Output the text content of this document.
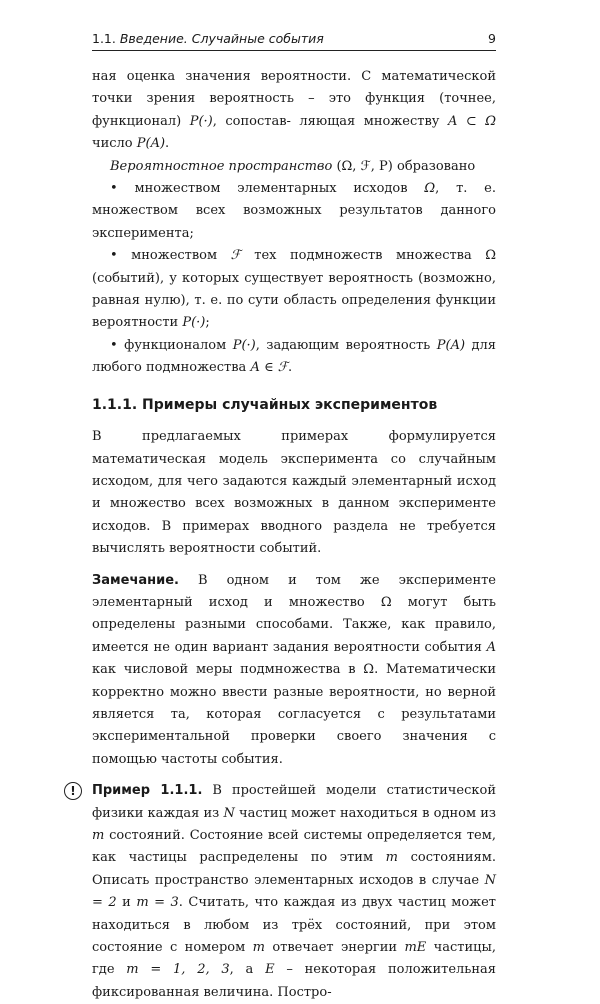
1.1. Введение. Случайные события	9

ная оценка значения вероятности. С математической точки зрения вероятность – это функция (точнее, функционал) P(·), сопостав- ляющая множеству A ⊂ Ω число P(A).

Вероятностное пространство (Ω, ℱ, P) образовано

• множеством элементарных исходов Ω, т. е. множеством всех возможных результатов данного эксперимента;

• множеством ℱ тех подмножеств множества Ω (событий), у которых существует вероятность (возможно, равная нулю), т. е. по сути область определения функции вероятности P(·);

• функционалом P(·), задающим вероятность P(A) для любого подмножества A ∈ ℱ.

1.1.1. Примеры случайных экспериментов

В предлагаемых примерах формулируется математическая модель эксперимента со случайным исходом, для чего задаются каждый элементарный исход и множество всех возможных в данном эксперименте исходов. В примерах вводного раздела не требуется вычислять вероятности событий.

Замечание. В одном и том же эксперименте элементарный исход и множество Ω могут быть определены разными способами. Также, как правило, имеется не один вариант задания вероятности события A как числовой меры подмножества в Ω. Математически корректно можно ввести разные вероятности, но верной является та, которая согласуется с результатами экспериментальной проверки своего значения с помощью частоты события.

!	Пример 1.1.1. В простейшей модели статистической физики каждая из N частиц может находиться в одном из m состояний. Состояние всей системы определяется тем, как частицы распределены по этим m состояниям. Описать пространство элементарных исходов в случае N = 2 и m = 3. Считать, что каждая из двух частиц может находиться в любом из трёх состояний, при этом состояние с номером m отвечает энергии mE частицы, где m = 1, 2, 3, а E – некоторая положительная фиксированная величина. Постро-
